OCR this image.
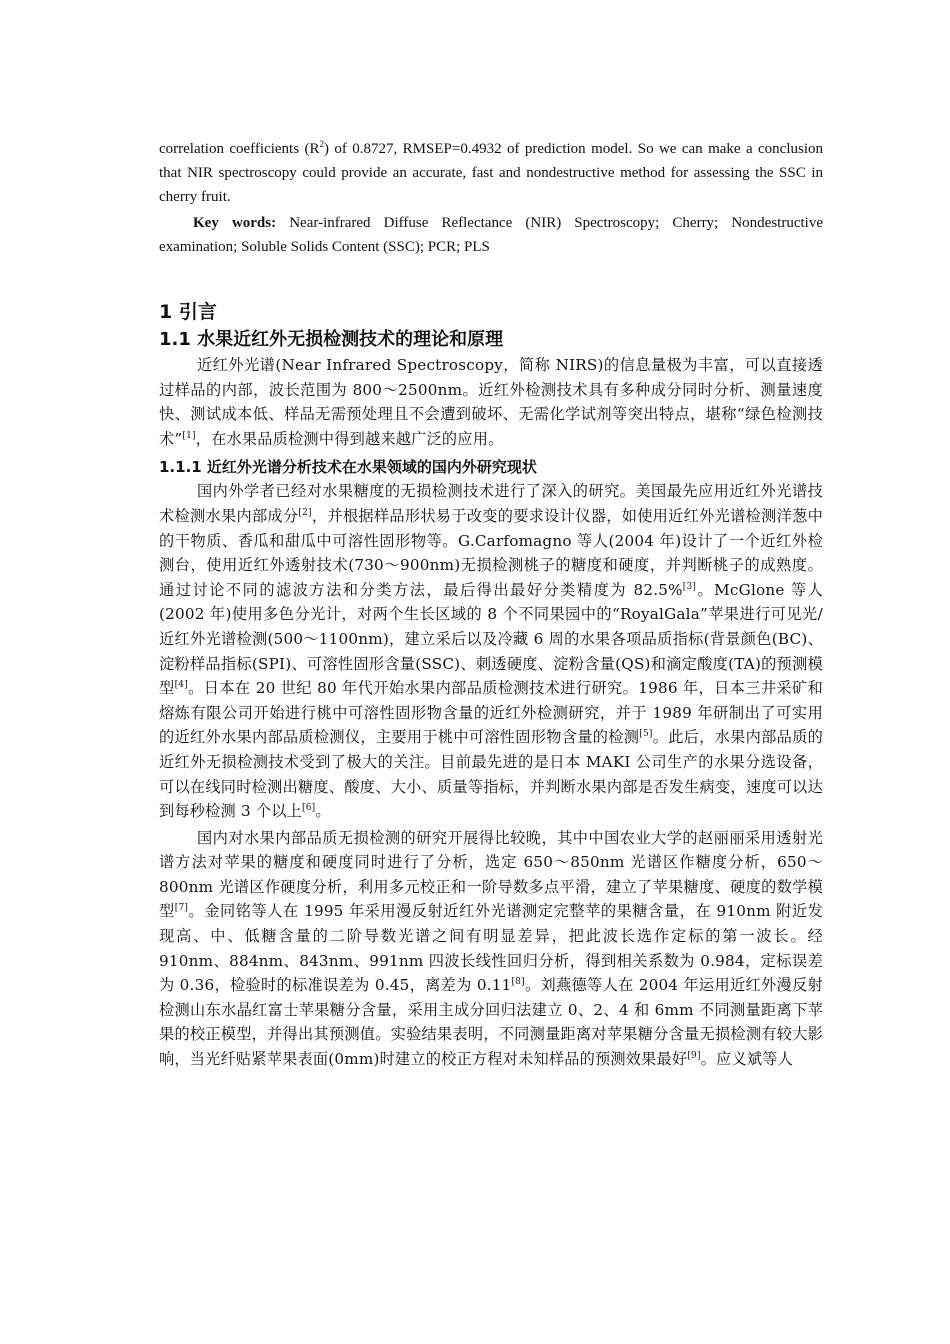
correlation coefficients $(R^2)$ of 0.8727, RMSEP=0.4932 of prediction model. So we can make a conclusion that NIR spectroscopy could provide an accurate, fast and nondestructive method for assessing the SSC in cherry fruit.

Key words: Near-infrared Diffuse Reflectance (NIR) Spectroscopy; Cherry; Nondestructive examination; Soluble Solids Content (SSC); PCR; PLS

1 引言
1.1 水果近红外无损检测技术的理论和原理

近红外光谱(Near Infrared Spectroscopy，简称 NIRS)的信息量极为丰富，可以直接透过样品的内部，波长范围为 800～2500nm。近红外检测技术具有多种成分同时分析、测量速度快、测试成本低、样品无需预处理且不会遭到破坏、无需化学试剂等突出特点，堪称“绿色检测技术”[1]，在水果品质检测中得到越来越广泛的应用。

1.1.1 近红外光谱分析技术在水果领域的国内外研究现状

国内外学者已经对水果糖度的无损检测技术进行了深入的研究。美国最先应用近红外光谱技术检测水果内部成分[2]，并根据样品形状易于改变的要求设计仪器，如使用近红外光谱检测洋葱中的干物质、香瓜和甜瓜中可溶性固形物等。G.Carfomagno 等人(2004 年)设计了一个近红外检测台，使用近红外透射技术(730～900nm)无损检测桃子的糖度和硬度，并判断桃子的成熟度。通过讨论不同的滤波方法和分类方法，最后得出最好分类精度为 82.5%[3]。McGlone 等人(2002 年)使用多色分光计，对两个生长区域的 8 个不同果园中的“RoyalGala”苹果进行可见光/近红外光谱检测(500～1100nm)，建立采后以及冷藏 6 周的水果各项品质指标(背景颜色(BC)、淀粉样品指标(SPI)、可溶性固形含量(SSC)、刺透硬度、淀粉含量(QS)和滴定酸度(TA)的预测模型[4]。日本在 20 世纪 80 年代开始水果内部品质检测技术进行研究。1986 年，日本三井采矿和熔炼有限公司开始进行桃中可溶性固形物含量的近红外检测研究，并于 1989 年研制出了可实用的近红外水果内部品质检测仪，主要用于桃中可溶性固形物含量的检测[5]。此后，水果内部品质的近红外无损检测技术受到了极大的关注。目前最先进的是日本 MAKI 公司生产的水果分选设备，可以在线同时检测出糖度、酸度、大小、质量等指标，并判断水果内部是否发生病变，速度可以达到每秒检测 3 个以上[6]。

国内对水果内部品质无损检测的研究开展得比较晚，其中中国农业大学的赵丽丽采用透射光谱方法对苹果的糖度和硬度同时进行了分析，选定 650～850nm 光谱区作糖度分析，650～800nm 光谱区作硬度分析，利用多元校正和一阶导数多点平滑，建立了苹果糖度、硬度的数学模型[7]。金同铭等人在 1995 年采用漫反射近红外光谱测定完整苹的果糖含量，在 910nm 附近发现高、中、低糖含量的二阶导数光谱之间有明显差异，把此波长选作定标的第一波长。经 910nm、884nm、843nm、991nm 四波长线性回归分析，得到相关系数为 0.984，定标误差为 0.36，检验时的标准误差为 0.45，离差为 0.11[8]。刘燕德等人在 2004 年运用近红外漫反射检测山东水晶红富士苹果糖分含量，采用主成分回归法建立 0、2、4 和 6mm 不同测量距离下苹果的校正模型，并得出其预测值。实验结果表明，不同测量距离对苹果糖分含量无损检测有较大影响，当光纤贴紧苹果表面(0mm)时建立的校正方程对未知样品的预测效果最好[9]。应义斌等人
